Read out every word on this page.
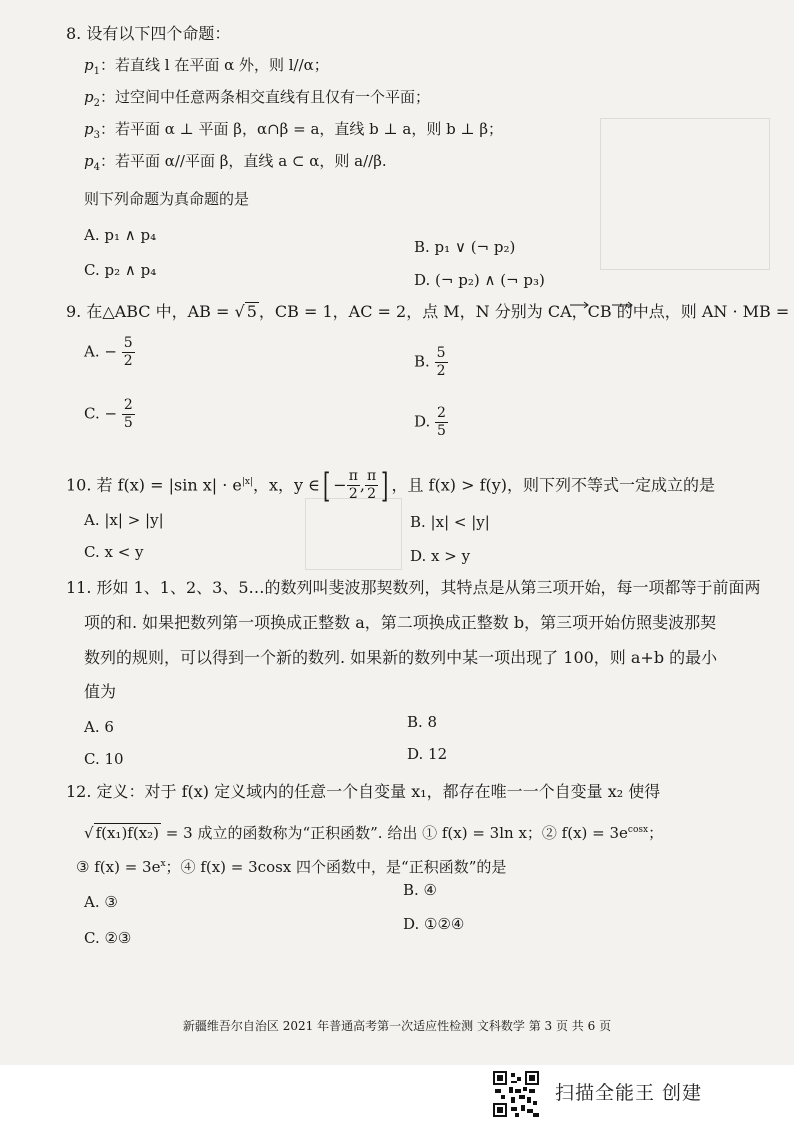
8. 设有以下四个命题：
$p_1$：若直线 l 在平面 α 外，则 l//α；
$p_2$：过空间中任意两条相交直线有且仅有一个平面；
$p_3$：若平面 α ⊥ 平面 β，α∩β = a，直线 b ⊥ a，则 b ⊥ β；
$p_4$：若平面 α//平面 β，直线 a ⊂ α，则 a//β.
则下列命题为真命题的是
A. p₁ ∧ p₄
B. p₁ ∨ (¬ p₂)
C. p₂ ∧ p₄
D. (¬ p₂) ∧ (¬ p₃)
9. 在△ABC 中，AB = √ 5 ，CB = 1，AC = 2，点 M，N 分别为 CA，CB 的中点，则 AN · MB =
A. − $\frac{5}{2}$	B. $\frac{5}{2}$
C. − $\frac{2}{5}$	D. $\frac{2}{5}$
10. 若 f(x) = |sin $x| \cdot e^{|x|}$，x，y ∈[ − $\frac{\pi}{2}$ , $\frac{\pi}{2}$ ] ，且 f(x) > f(y)，则下列不等式一定成立的是
A. |x| > |y|	B. |x| < |y|
C. x < y	D. x > y
11. 形如 1、1、2、3、5…的数列叫斐波那契数列，其特点是从第三项开始，每一项都等于前面两
项的和. 如果把数列第一项换成正整数 a，第二项换成正整数 b，第三项开始仿照斐波那契
数列的规则，可以得到一个新的数列. 如果新的数列中某一项出现了 100，则 a+b 的最小
值为
A. 6	B. 8
C. 10	D. 12
12. 定义：对于 f(x) 定义域内的任意一个自变量 x₁，都存在唯一一个自变量 x₂ 使得
√ f(x₁)f(x₂) = 3 成立的函数称为“正积函数”. 给出 ① f(x) = 3ln x；② $f(x) = 3e^{cosx}$；
③ $f(x) = 3e^x$；④ f(x) = 3cosx 四个函数中，是“正积函数”的是
A. ③
B. ④
C. ②③
D. ①②④
新疆维吾尔自治区 2021 年普通高考第一次适应性检测 文科数学 第 3 页 共 6 页
扫描全能王 创建
